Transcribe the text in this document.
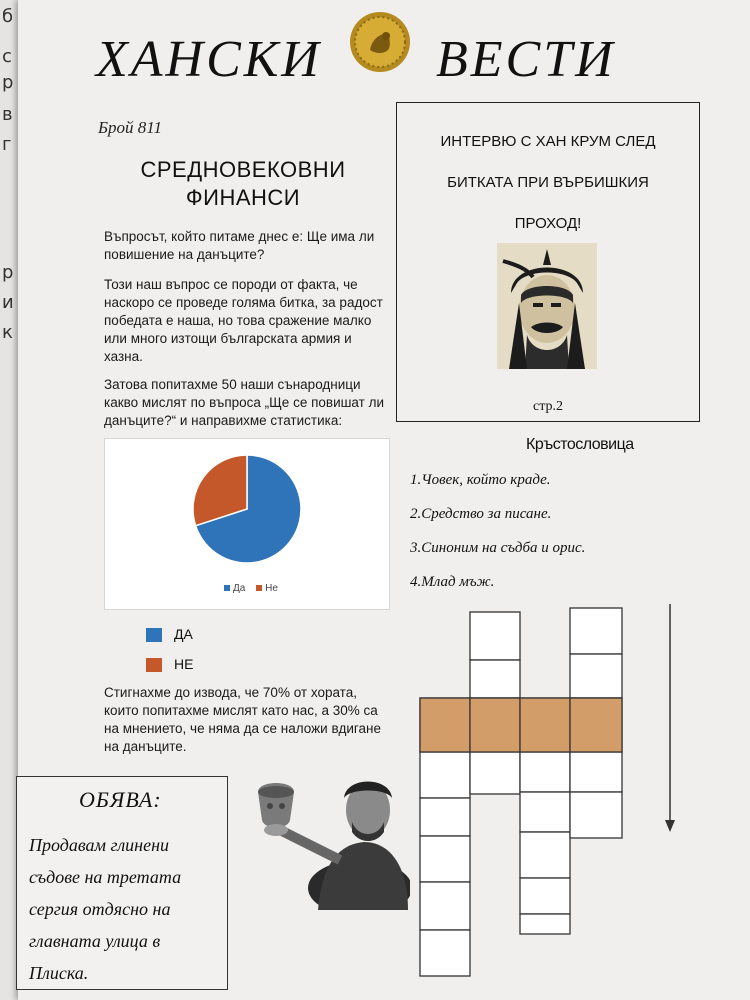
б
с
р
в
г
р
и
к
ХАНСКИ ВЕСТИ
Брой 811
СРЕДНОВЕКОВНИ
ФИНАНСИ
Въпросът, който питаме днес е: Ще има ли повишение на данъците?
Този наш въпрос се породи от факта, че наскоро се проведе голяма битка, за радост победата е наша, но това сражение малко или много изтощи българската армия и хазна.
Затова попитахме 50 наши сънародници какво мислят по въпроса „Ще се повишат ли данъците?“ и направихме статистика:
Да Не
ДА
НЕ
Стигнахме до извода, че 70% от хората, които попитахме мислят като нас, а 30% са на мнението, че няма да се наложи вдигане на данъците.
ОБЯВА:
Продавам глинени
съдове на третата
сергия отдясно на
главната улица в
Плиска.
ИНТЕРВЮ С ХАН КРУМ СЛЕД
БИТКАТА ПРИ ВЪРБИШКИЯ
ПРОХОД!
стр.2
Кръстословица
1.Човек, който краде.
2.Средство за писане.
3.Синоним на съдба и орис.
4.Млад мъж.
